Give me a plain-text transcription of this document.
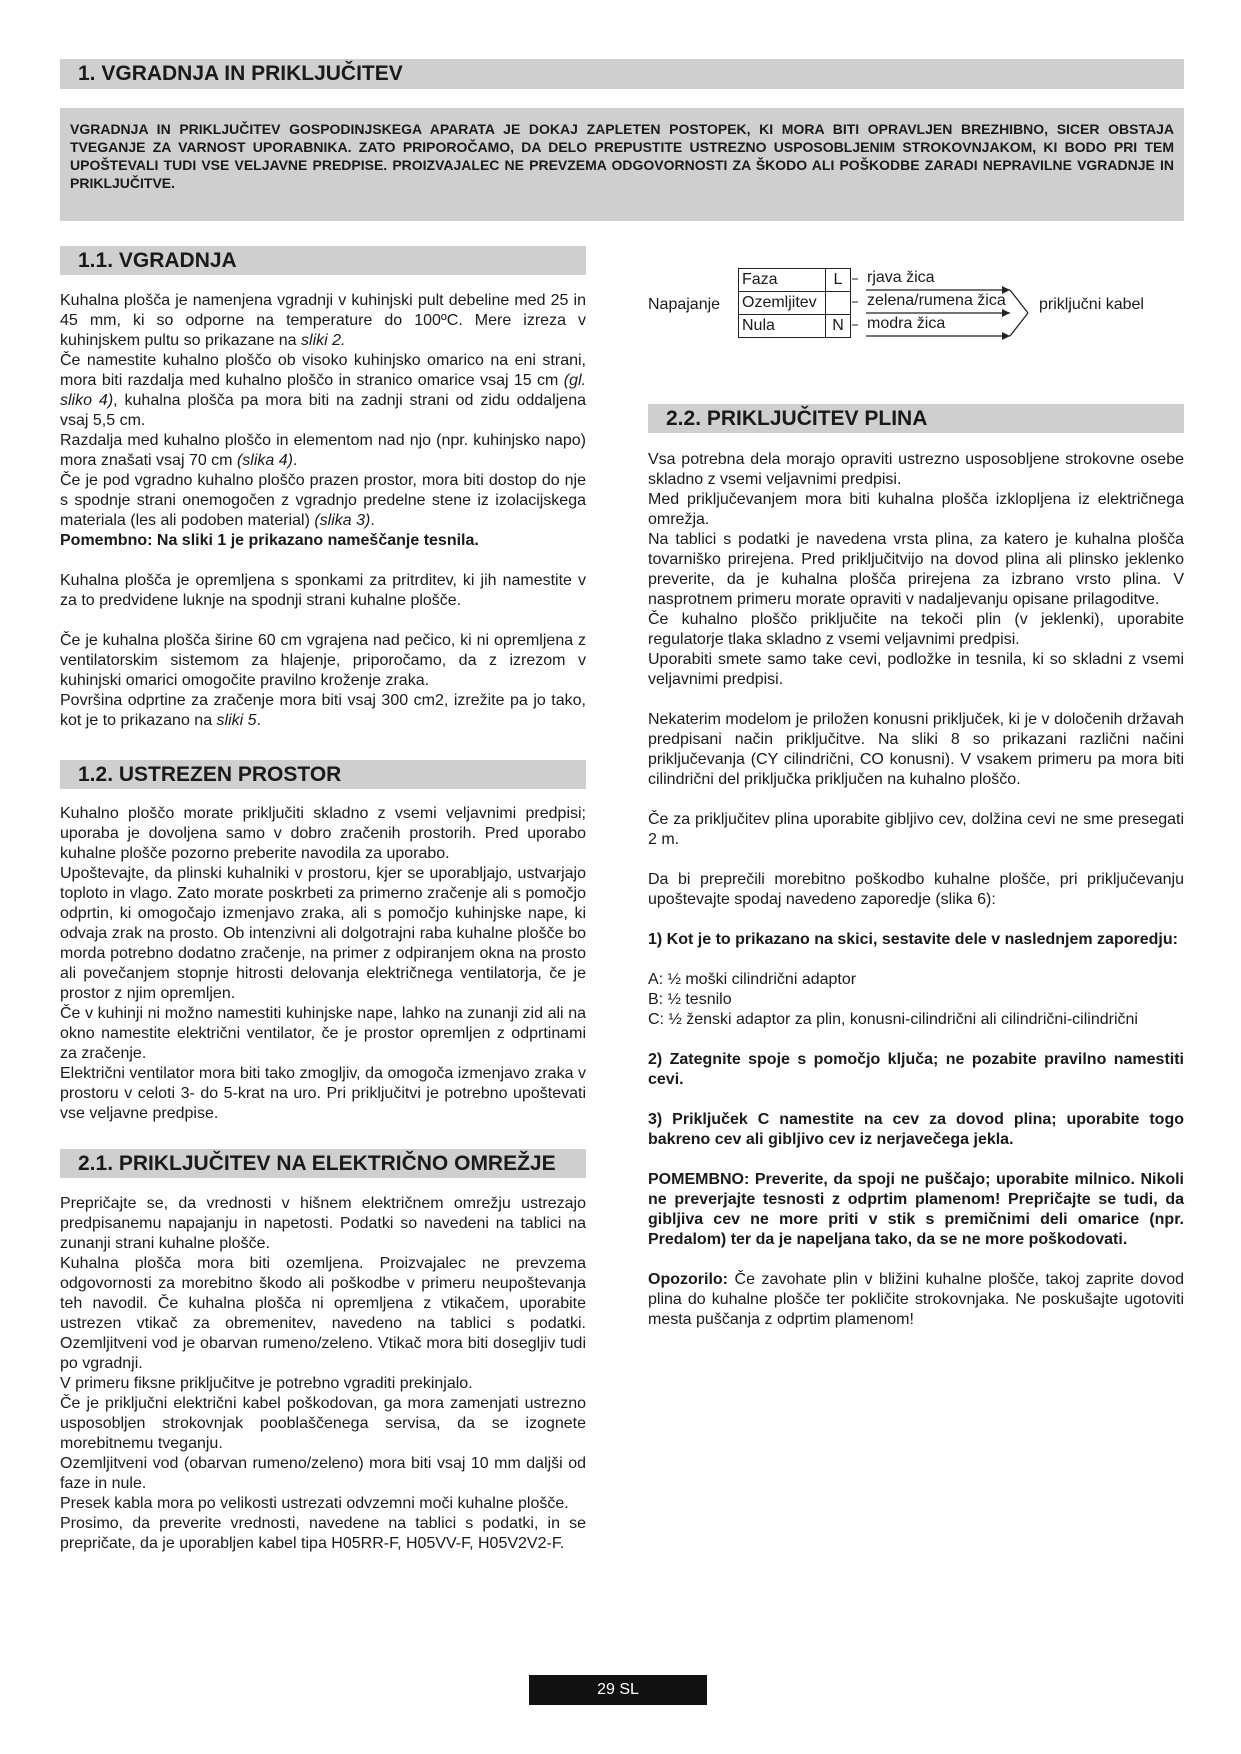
1. VGRADNJA IN PRIKLJUČITEV
VGRADNJA IN PRIKLJUČITEV GOSPODINJSKEGA APARATA JE DOKAJ ZAPLETEN POSTOPEK, KI MORA BITI OPRAVLJEN BREZHIBNO, SICER OBSTAJA TVEGANJE ZA VARNOST UPORABNIKA. ZATO PRIPOROČAMO, DA DELO PREPUSTITE USTREZNO USPOSOBLJENIM STROKOVNJAKOM, KI BODO PRI TEM UPOŠTEVALI TUDI VSE VELJAVNE PREDPISE. PROIZVAJALEC NE PREVZEMA ODGOVORNOSTI ZA ŠKODO ALI POŠKODBE ZARADI NEPRAVILNE VGRADNJE IN PRIKLJUČITVE.
1.1. VGRADNJA

Kuhalna plošča je namenjena vgradnji v kuhinjski pult debeline med 25 in 45 mm, ki so odporne na temperature do 100ºC. Mere izreza v kuhinjskem pultu so prikazane na sliki 2.

Če namestite kuhalno ploščo ob visoko kuhinjsko omarico na eni strani, mora biti razdalja med kuhalno ploščo in stranico omarice vsaj 15 cm (gl. sliko 4), kuhalna plošča pa mora biti na zadnji strani od zidu oddaljena vsaj 5,5 cm.

Razdalja med kuhalno ploščo in elementom nad njo (npr. kuhinjsko napo) mora znašati vsaj 70 cm (slika 4).

Če je pod vgradno kuhalno ploščo prazen prostor, mora biti dostop do nje s spodnje strani onemogočen z vgradnjo predelne stene iz izolacijskega materiala (les ali podoben material) (slika 3).

Pomembno: Na sliki 1 je prikazano nameščanje tesnila.

Kuhalna plošča je opremljena s sponkami za pritrditev, ki jih namestite v za to predvidene luknje na spodnji strani kuhalne plošče.

Če je kuhalna plošča širine 60 cm vgrajena nad pečico, ki ni opremljena z ventilatorskim sistemom za hlajenje, priporočamo, da z izrezom v kuhinjski omarici omogočite pravilno kroženje zraka.

Površina odprtine za zračenje mora biti vsaj 300 cm2, izrežite pa jo tako, kot je to prikazano na sliki 5.

1.2. USTREZEN PROSTOR

Kuhalno ploščo morate priključiti skladno z vsemi veljavnimi predpisi; uporaba je dovoljena samo v dobro zračenih prostorih. Pred uporabo kuhalne plošče pozorno preberite navodila za uporabo.

Upoštevajte, da plinski kuhalniki v prostoru, kjer se uporabljajo, ustvarjajo toploto in vlago. Zato morate poskrbeti za primerno zračenje ali s pomočjo odprtin, ki omogočajo izmenjavo zraka, ali s pomočjo kuhinjske nape, ki odvaja zrak na prosto. Ob intenzivni ali dolgotrajni raba kuhalne plošče bo morda potrebno dodatno zračenje, na primer z odpiranjem okna na prosto ali povečanjem stopnje hitrosti delovanja električnega ventilatorja, če je prostor z njim opremljen.

Če v kuhinji ni možno namestiti kuhinjske nape, lahko na zunanji zid ali na okno namestite električni ventilator, če je prostor opremljen z odprtinami za zračenje.

Električni ventilator mora biti tako zmogljiv, da omogoča izmenjavo zraka v prostoru v celoti 3- do 5-krat na uro. Pri priključitvi je potrebno upoštevati vse veljavne predpise.

2.1. PRIKLJUČITEV NA ELEKTRIČNO OMREŽJE

Prepričajte se, da vrednosti v hišnem električnem omrežju ustrezajo predpisanemu napajanju in napetosti. Podatki so navedeni na tablici na zunanji strani kuhalne plošče.

Kuhalna plošča mora biti ozemljena. Proizvajalec ne prevzema odgovornosti za morebitno škodo ali poškodbe v primeru neupoštevanja teh navodil. Če kuhalna plošča ni opremljena z vtikačem, uporabite ustrezen vtikač za obremenitev, navedeno na tablici s podatki. Ozemljitveni vod je obarvan rumeno/zeleno. Vtikač mora biti dosegljiv tudi po vgradnji.

V primeru fiksne priključitve je potrebno vgraditi prekinjalo.

Če je priključni električni kabel poškodovan, ga mora zamenjati ustrezno usposobljen strokovnjak pooblaščenega servisa, da se izognete morebitnemu tveganju.

Ozemljitveni vod (obarvan rumeno/zeleno) mora biti vsaj 10 mm daljši od faze in nule.

Presek kabla mora po velikosti ustrezati odvzemni moči kuhalne plošče.

Prosimo, da preverite vrednosti, navedene na tablici s podatki, in se prepričate, da je uporabljen kabel tipa H05RR-F, H05VV-F, H05V2V2-F.

Napajanje
Faza	L
Ozemljitev	
Nula	N
rjava žica
zelena/rumena žica
modra žica
priključni kabel
2.2. PRIKLJUČITEV PLINA

Vsa potrebna dela morajo opraviti ustrezno usposobljene strokovne osebe skladno z vsemi veljavnimi predpisi.

Med priključevanjem mora biti kuhalna plošča izklopljena iz električnega omrežja.

Na tablici s podatki je navedena vrsta plina, za katero je kuhalna plošča tovarniško prirejena. Pred priključitvijo na dovod plina ali plinsko jeklenko preverite, da je kuhalna plošča prirejena za izbrano vrsto plina. V nasprotnem primeru morate opraviti v nadaljevanju opisane prilagoditve.

Če kuhalno ploščo priključite na tekoči plin (v jeklenki), uporabite regulatorje tlaka skladno z vsemi veljavnimi predpisi.

Uporabiti smete samo take cevi, podložke in tesnila, ki so skladni z vsemi veljavnimi predpisi.

Nekaterim modelom je priložen konusni priključek, ki je v določenih državah predpisani način priključitve. Na sliki 8 so prikazani različni načini priključevanja (CY cilindrični, CO konusni). V vsakem primeru pa mora biti cilindrični del priključka priključen na kuhalno ploščo.

Če za priključitev plina uporabite gibljivo cev, dolžina cevi ne sme presegati 2 m.

Da bi preprečili morebitno poškodbo kuhalne plošče, pri priključevanju upoštevajte spodaj navedeno zaporedje (slika 6):

1) Kot je to prikazano na skici, sestavite dele v naslednjem zaporedju:

A: ½ moški cilindrični adaptor

B: ½ tesnilo

C: ½ ženski adaptor za plin, konusni-cilindrični ali cilindrični-cilindrični

2) Zategnite spoje s pomočjo ključa; ne pozabite pravilno namestiti cevi.

3) Priključek C namestite na cev za dovod plina; uporabite togo bakreno cev ali gibljivo cev iz nerjavečega jekla.

POMEMBNO: Preverite, da spoji ne puščajo; uporabite milnico. Nikoli ne preverjajte tesnosti z odprtim plamenom! Prepričajte se tudi, da gibljiva cev ne more priti v stik s premičnimi deli omarice (npr. Predalom) ter da je napeljana tako, da se ne more poškodovati.

Opozorilo: Če zavohate plin v bližini kuhalne plošče, takoj zaprite dovod plina do kuhalne plošče ter pokličite strokovnjaka. Ne poskušajte ugotoviti mesta puščanja z odprtim plamenom!

29 SL
